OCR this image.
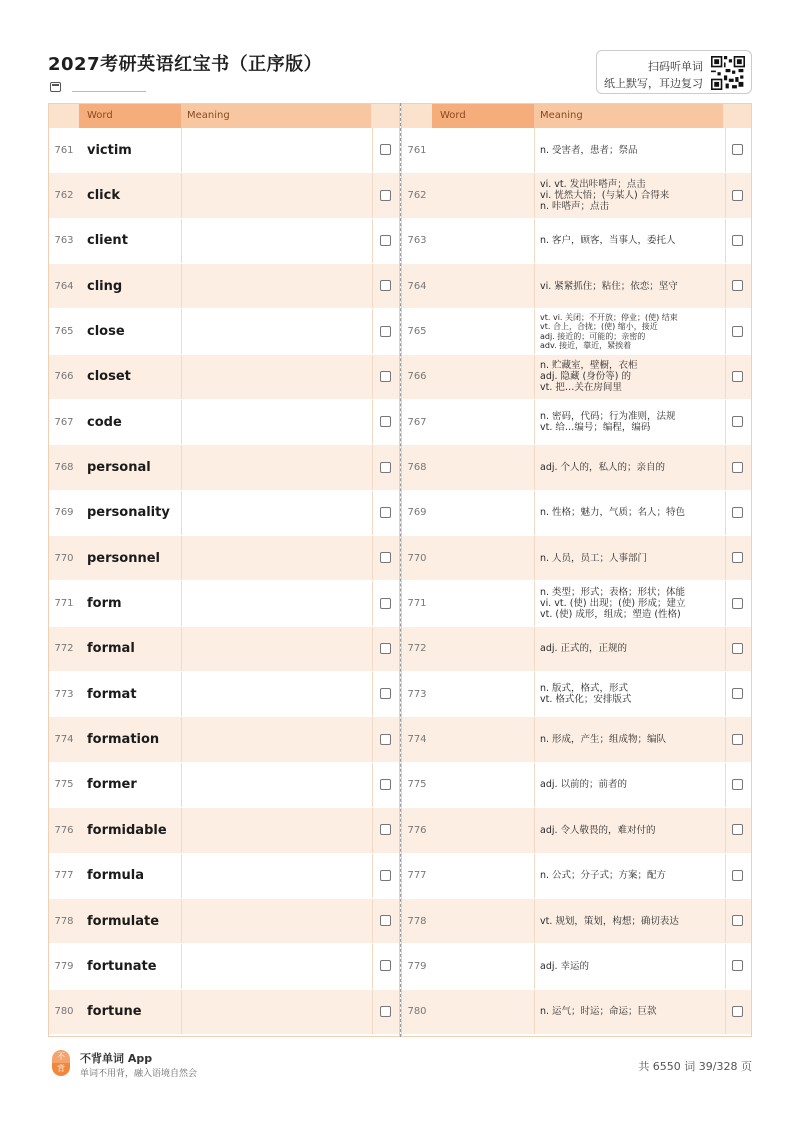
2027考研英语红宝书（正序版）	扫码听单词
纸上默写，耳边复习
Word	Meaning
761	victim
762	click
763	client
764	cling
765	close
766	closet
767	code
768	personal
769	personality
770	personnel
771	form
772	formal
773	format
774	formation
775	former
776	formidable
777	formula
778	formulate
779	fortunate
780	fortune
Word	Meaning
761	n. 受害者，患者；祭品
762
vi. vt. 发出咔嗒声；点击
vi. 恍然大悟；(与某人) 合得来
n. 咔嗒声；点击
763	n. 客户，顾客，当事人，委托人
764	vi. 紧紧抓住；粘住；依恋；坚守
765
vt. vi. 关闭；不开放；停业；(使) 结束
vt. 合上，合拢；(使) 缩小，接近
adj. 接近的；可能的；亲密的
adv. 接近，靠近，紧挨着
766
n. 贮藏室，壁橱，衣柜
adj. 隐藏 (身份等) 的
vt. 把…关在房间里
767	n. 密码，代码；行为准则，法规
vt. 给…编号；编程，编码
768	adj. 个人的，私人的；亲自的
769	n. 性格；魅力，气质；名人；特色
770	n. 人员，员工；人事部门
771
n. 类型；形式；表格；形状；体能
vi. vt. (使) 出现；(使) 形成；建立
vt. (使) 成形，组成；塑造 (性格)
772	adj. 正式的，正规的
773	n. 版式，格式，形式
vt. 格式化；安排版式
774	n. 形成，产生；组成物；编队
775	adj. 以前的；前者的
776	adj. 令人敬畏的，难对付的
777	n. 公式；分子式；方案；配方
778	vt. 规划，策划，构想；确切表达
779	adj. 幸运的
780	n. 运气；时运；命运；巨款
不
背
不背单词 App
单词不用背，融入语境自然会
共 6550 词 39/328 页
